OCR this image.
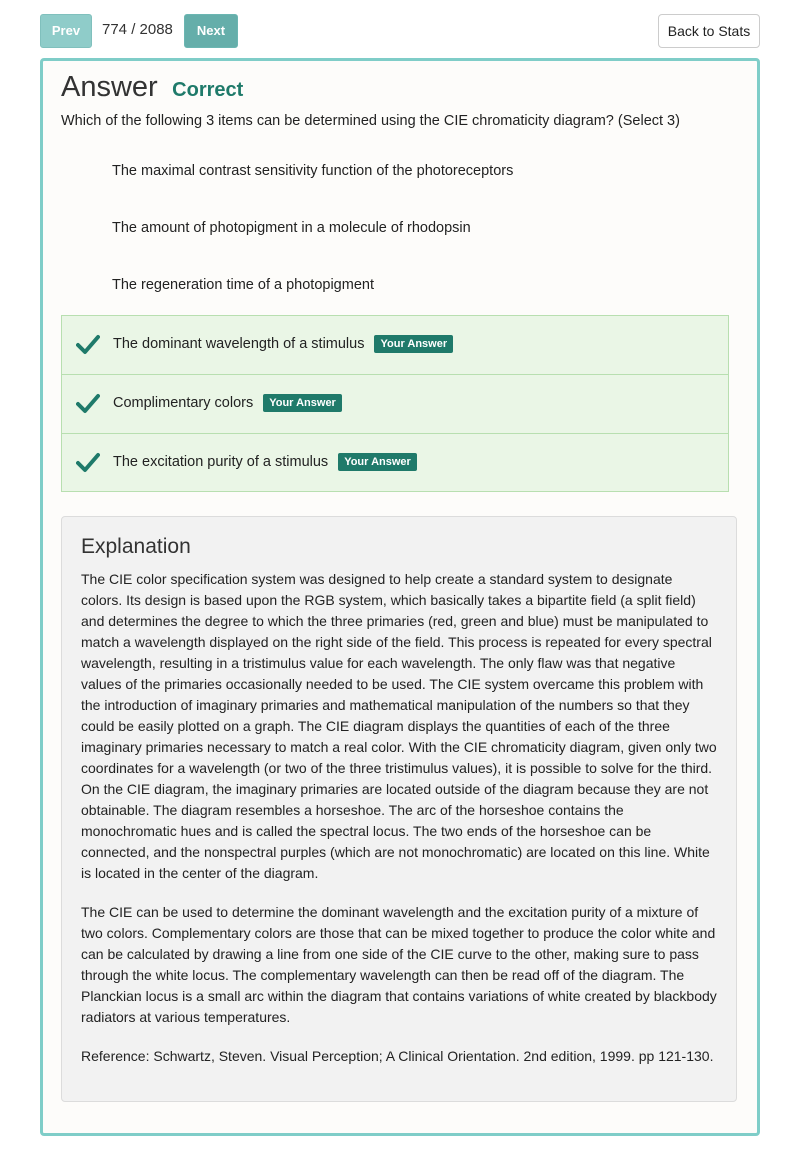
Prev	774 / 2088	Next	Back to Stats
Answer Correct
Which of the following 3 items can be determined using the CIE chromaticity diagram? (Select 3)
The maximal contrast sensitivity function of the photoreceptors
The amount of photopigment in a molecule of rhodopsin
The regeneration time of a photopigment
The dominant wavelength of a stimulus Your Answer
Complimentary colors Your Answer
The excitation purity of a stimulus Your Answer
Explanation

The CIE color specification system was designed to help create a standard system to designate colors. Its design is based upon the RGB system, which basically takes a bipartite field (a split field) and determines the degree to which the three primaries (red, green and blue) must be manipulated to match a wavelength displayed on the right side of the field. This process is repeated for every spectral wavelength, resulting in a tristimulus value for each wavelength. The only flaw was that negative values of the primaries occasionally needed to be used. The CIE system overcame this problem with the introduction of imaginary primaries and mathematical manipulation of the numbers so that they could be easily plotted on a graph. The CIE diagram displays the quantities of each of the three imaginary primaries necessary to match a real color. With the CIE chromaticity diagram, given only two coordinates for a wavelength (or two of the three tristimulus values), it is possible to solve for the third. On the CIE diagram, the imaginary primaries are located outside of the diagram because they are not obtainable. The diagram resembles a horseshoe. The arc of the horseshoe contains the monochromatic hues and is called the spectral locus. The two ends of the horseshoe can be connected, and the nonspectral purples (which are not monochromatic) are located on this line. White is located in the center of the diagram.

The CIE can be used to determine the dominant wavelength and the excitation purity of a mixture of two colors. Complementary colors are those that can be mixed together to produce the color white and can be calculated by drawing a line from one side of the CIE curve to the other, making sure to pass through the white locus. The complementary wavelength can then be read off of the diagram. The Planckian locus is a small arc within the diagram that contains variations of white created by blackbody radiators at various temperatures.

Reference: Schwartz, Steven. Visual Perception; A Clinical Orientation. 2nd edition, 1999. pp 121-130.
